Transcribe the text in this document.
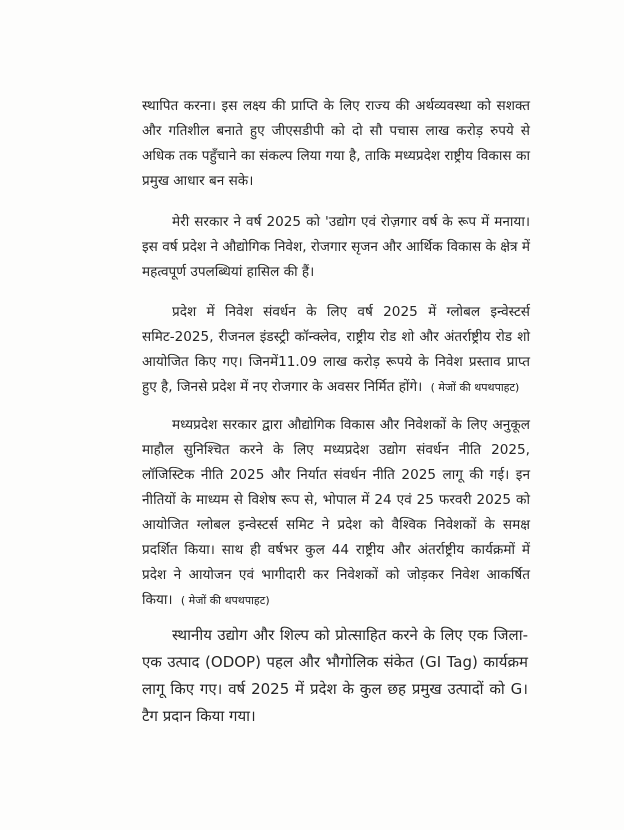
स्थापित करना। इस लक्ष्य की प्राप्ति के लिए राज्य की अर्थव्यवस्था को सशक्त और गतिशील बनाते हुए जीएसडीपी को दो सौ पचास लाख करोड़ रुपये से अधिक तक पहुँचाने का संकल्प लिया गया है, ताकि मध्यप्रदेश राष्ट्रीय विकास का प्रमुख आधार बन सके।

मेरी सरकार ने वर्ष 2025 को 'उद्योग एवं रोज़गार वर्ष के रूप में मनाया। इस वर्ष प्रदेश ने औद्योगिक निवेश, रोजगार सृजन और आर्थिक विकास के क्षेत्र में महत्वपूर्ण उपलब्धियां हासिल की हैं।

प्रदेश में निवेश संवर्धन के लिए वर्ष 2025 में ग्लोबल इन्वेस्टर्स समिट-2025, रीजनल इंडस्ट्री कॉन्क्लेव, राष्ट्रीय रोड शो और अंतर्राष्ट्रीय रोड शो आयोजित किए गए। जिनमें11.09 लाख करोड़ रूपये के निवेश प्रस्ताव प्राप्त हुए है, जिनसे प्रदेश में नए रोजगार के अवसर निर्मित होंगे। ( मेजों की थपथपाहट)

मध्यप्रदेश सरकार द्वारा औद्योगिक विकास और निवेशकों के लिए अनुकूल माहौल सुनिश्चित करने के लिए मध्यप्रदेश उद्योग संवर्धन नीति 2025, लॉजिस्टिक नीति 2025 और निर्यात संवर्धन नीति 2025 लागू की गई। इन नीतियों के माध्यम से विशेष रूप से, भोपाल में 24 एवं 25 फरवरी 2025 को आयोजित ग्लोबल इन्वेस्टर्स समिट ने प्रदेश को वैश्विक निवेशकों के समक्ष प्रदर्शित किया। साथ ही वर्षभर कुल 44 राष्ट्रीय और अंतर्राष्ट्रीय कार्यक्रमों में प्रदेश ने आयोजन एवं भागीदारी कर निवेशकों को जोड़कर निवेश आकर्षित किया। ( मेजों की थपथपाहट)

स्थानीय उद्योग और शिल्प को प्रोत्साहित करने के लिए एक जिला-एक उत्पाद (ODOP) पहल और भौगोलिक संकेत (GI Tag) कार्यक्रम लागू किए गए। वर्ष 2025 में प्रदेश के कुल छह प्रमुख उत्पादों को G। टैग प्रदान किया गया।
